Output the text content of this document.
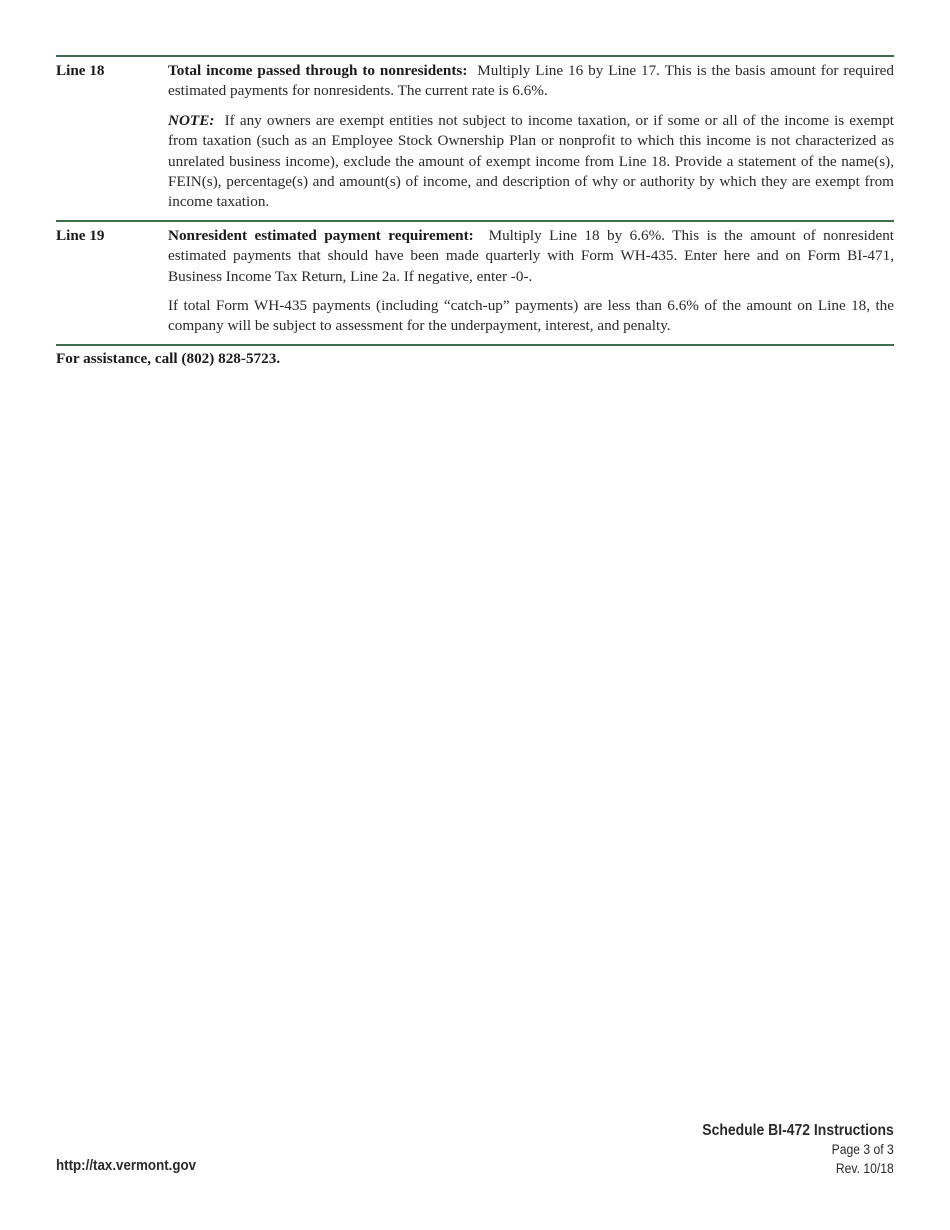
Line 18	Total income passed through to nonresidents: Multiply Line 16 by Line 17. This is the basis amount for required estimated payments for nonresidents. The current rate is 6.6%.

NOTE: If any owners are exempt entities not subject to income taxation, or if some or all of the income is exempt from taxation (such as an Employee Stock Ownership Plan or nonprofit to which this income is not characterized as unrelated business income), exclude the amount of exempt income from Line 18. Provide a statement of the name(s), FEIN(s), percentage(s) and amount(s) of income, and description of why or authority by which they are exempt from income taxation.

Line 19	Nonresident estimated payment requirement: Multiply Line 18 by 6.6%. This is the amount of nonresident estimated payments that should have been made quarterly with Form WH-435. Enter here and on Form BI-471, Business Income Tax Return, Line 2a. If negative, enter -0-.

If total Form WH-435 payments (including “catch-up” payments) are less than 6.6% of the amount on Line 18, the company will be subject to assessment for the underpayment, interest, and penalty.

For assistance, call (802) 828-5723.
http://tax.vermont.gov
Schedule BI-472 Instructions
Page 3 of 3
Rev. 10/18
